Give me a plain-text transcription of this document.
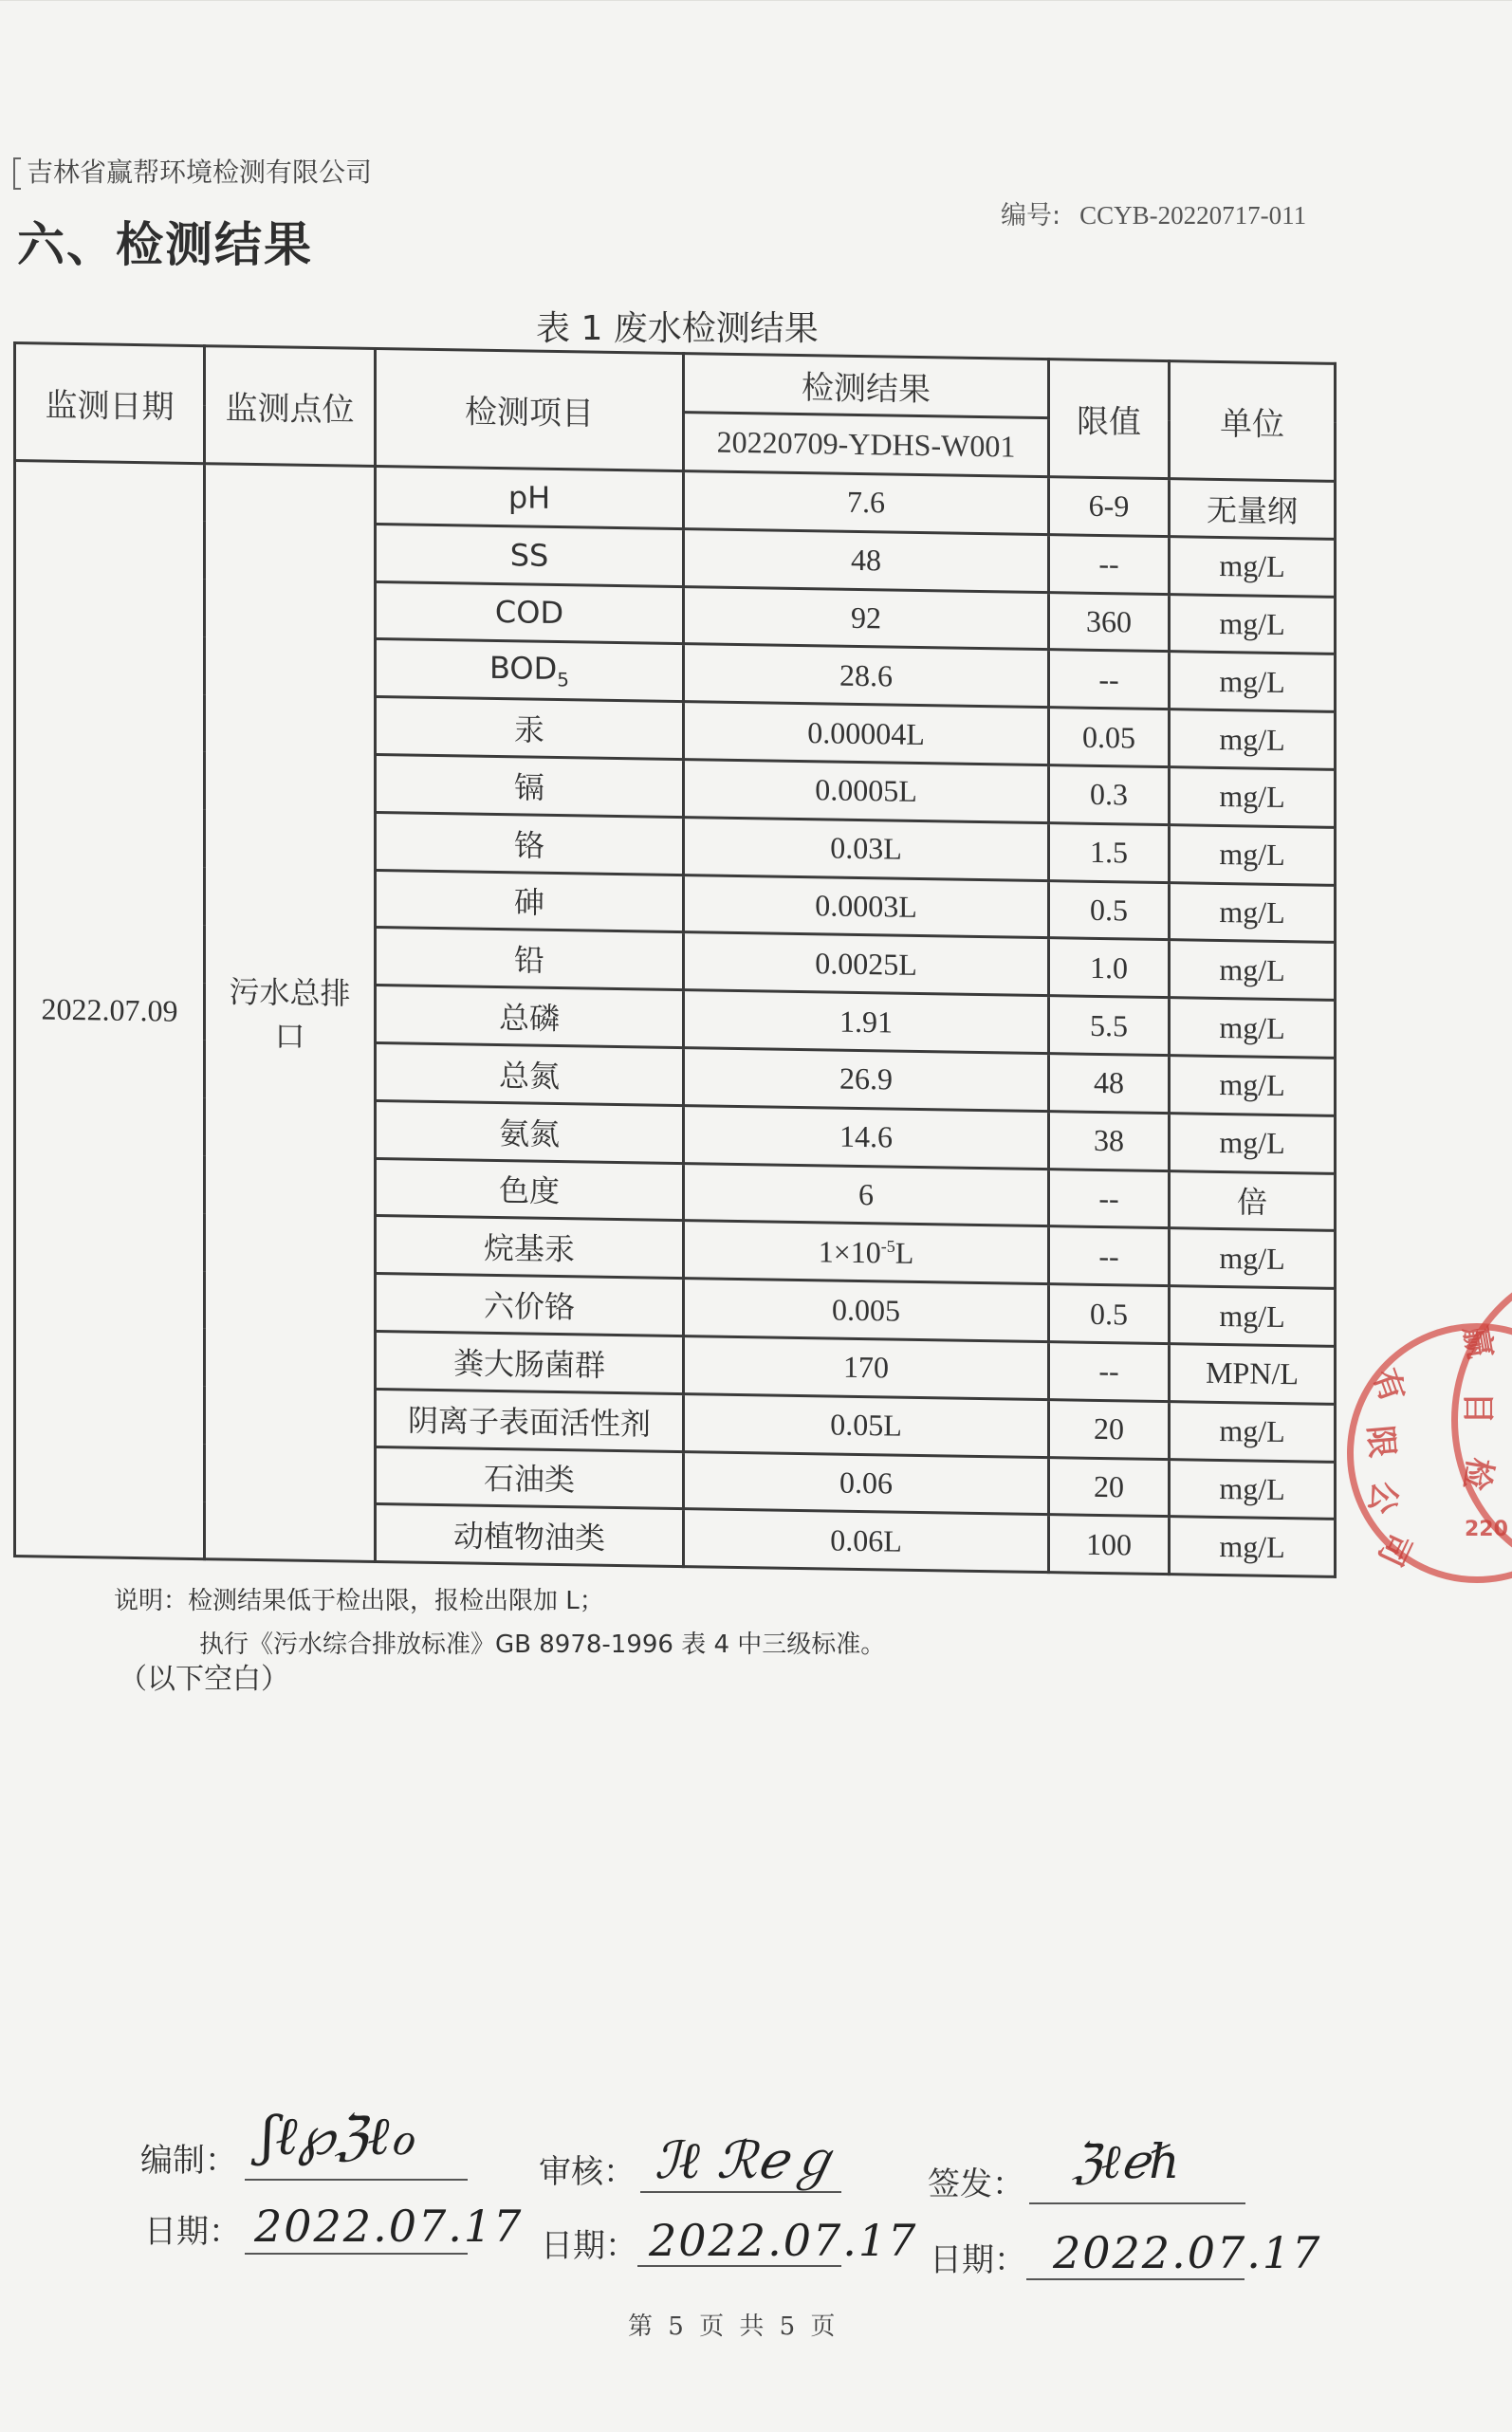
吉林省赢帮环境检测有限公司
六、检测结果
编号: CCYB-20220717-011
表 1 废水检测结果
监测日期	监测点位	检测项目	检测结果	限值	单位
			20220709-YDHS-W001		
2022.07.09	污水总排口	pH	7.6	6-9	无量纲
		SS	48	--	mg/L
		COD	92	360	mg/L
		$BOD_5$	28.6	--	mg/L
		汞	0.00004L	0.05	mg/L
		镉	0.0005L	0.3	mg/L
		铬	0.03L	1.5	mg/L
		砷	0.0003L	0.5	mg/L
		铅	0.0025L	1.0	mg/L
		总磷	1.91	5.5	mg/L
		总氮	26.9	48	mg/L
		氨氮	14.6	38	mg/L
		色度	6	--	倍
		烷基汞	$1\times 10^{-5}L$	--	mg/L
		六价铬	0.005	0.5	mg/L
		粪大肠菌群	170	--	MPN/L
		阴离子表面活性剂	0.05L	20	mg/L
		石油类	0.06	20	mg/L
		动植物油类	0.06L	100	mg/L
说明：检测结果低于检出限，报检出限加 L；
执行《污水综合排放标准》GB 8978-1996 表 4 中三级标准。
（以下空白）
编制： ʃℓ℘ℨℓℴ
日期： 2022.07.17
审核： ℐℓ ℛℯℊ
日期： 2022.07.17
签发： ℨℓℯℏ
日期： 2022.07.17
第 5 页 共 5 页
有
限
公
司
赢
目
检
220
